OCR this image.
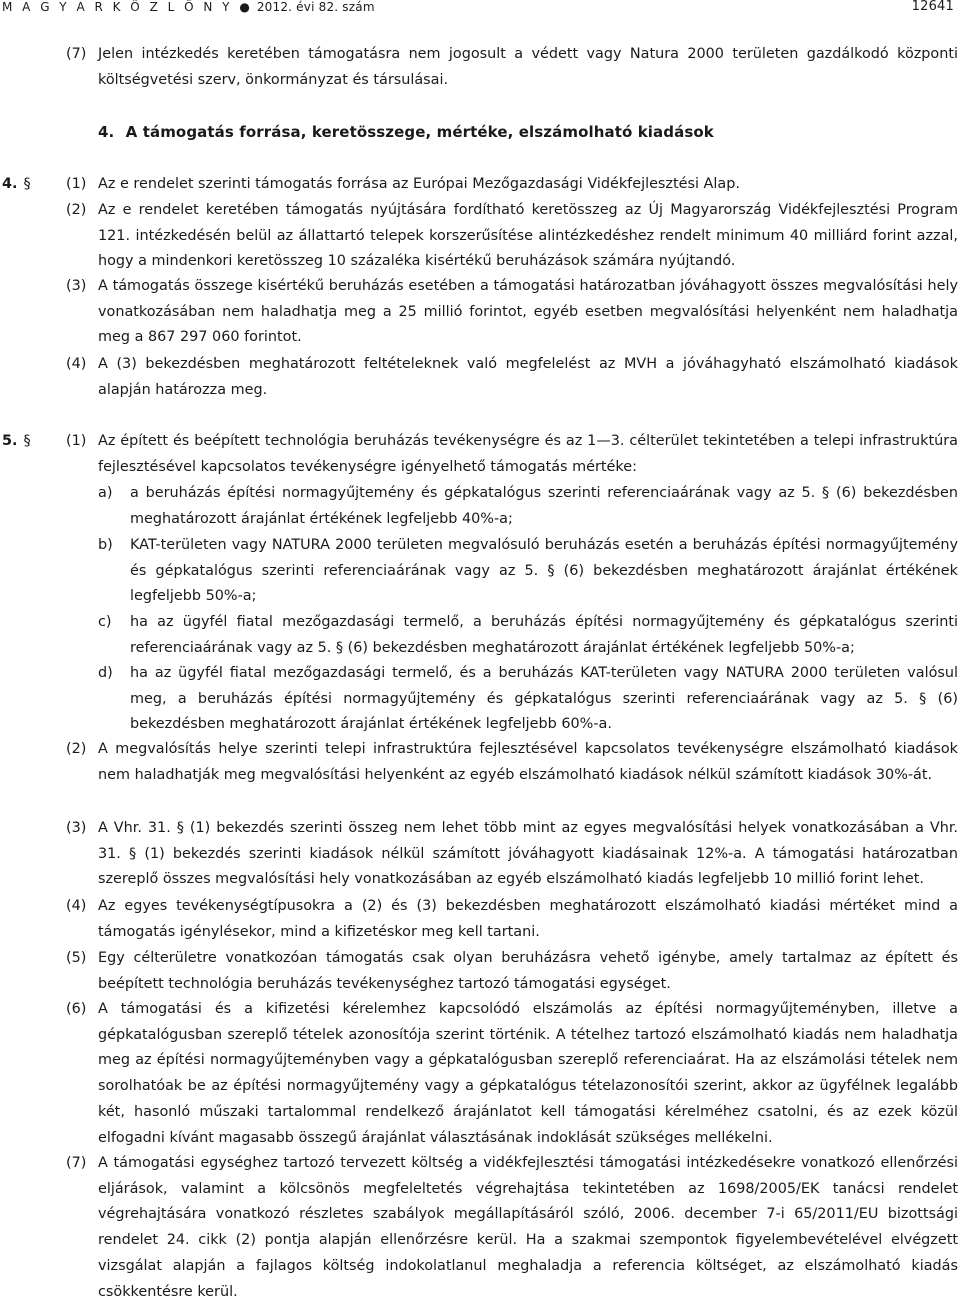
M A G Y A R K Ö Z L Ö N Y ● 2012. évi 82. szám	12641
(7) Jelen intézkedés keretében támogatásra nem jogosult a védett vagy Natura 2000 területen gazdálkodó központi költségvetési szerv, önkormányzat és társulásai.
4. A támogatás forrása, keretösszege, mértéke, elszámolható kiadások
4. § (1) Az e rendelet szerinti támogatás forrása az Európai Mezőgazdasági Vidékfejlesztési Alap.
(2) Az e rendelet keretében támogatás nyújtására fordítható keretösszeg az Új Magyarország Vidékfejlesztési Program 121. intézkedésén belül az állattartó telepek korszerűsítése alintézkedéshez rendelt minimum 40 milliárd forint azzal, hogy a mindenkori keretösszeg 10 százaléka kisértékű beruházások számára nyújtandó.
(3) A támogatás összege kisértékű beruházás esetében a támogatási határozatban jóváhagyott összes megvalósítási hely vonatkozásában nem haladhatja meg a 25 millió forintot, egyéb esetben megvalósítási helyenként nem haladhatja meg a 867 297 060 forintot.
(4) A (3) bekezdésben meghatározott feltételeknek való megfelelést az MVH a jóváhagyható elszámolható kiadások alapján határozza meg.
5. § (1) Az épített és beépített technológia beruházás tevékenységre és az 1—3. célterület tekintetében a telepi infrastruktúra fejlesztésével kapcsolatos tevékenységre igényelhető támogatás mértéke:
a) a beruházás építési normagyűjtemény és gépkatalógus szerinti referenciaárának vagy az 5. § (6) bekezdésben meghatározott árajánlat értékének legfeljebb 40%-a;
b) KAT-területen vagy NATURA 2000 területen megvalósuló beruházás esetén a beruházás építési normagyűjtemény és gépkatalógus szerinti referenciaárának vagy az 5. § (6) bekezdésben meghatározott árajánlat értékének legfeljebb 50%-a;
c) ha az ügyfél fiatal mezőgazdasági termelő, a beruházás építési normagyűjtemény és gépkatalógus szerinti referenciaárának vagy az 5. § (6) bekezdésben meghatározott árajánlat értékének legfeljebb 50%-a;
d) ha az ügyfél fiatal mezőgazdasági termelő, és a beruházás KAT-területen vagy NATURA 2000 területen valósul meg, a beruházás építési normagyűjtemény és gépkatalógus szerinti referenciaárának vagy az 5. § (6) bekezdésben meghatározott árajánlat értékének legfeljebb 60%-a.
(2) A megvalósítás helye szerinti telepi infrastruktúra fejlesztésével kapcsolatos tevékenységre elszámolható kiadások nem haladhatják meg megvalósítási helyenként az egyéb elszámolható kiadások nélkül számított kiadások 30%-át.
(3) A Vhr. 31. § (1) bekezdés szerinti összeg nem lehet több mint az egyes megvalósítási helyek vonatkozásában a Vhr. 31. § (1) bekezdés szerinti kiadások nélkül számított jóváhagyott kiadásainak 12%-a. A támogatási határozatban szereplő összes megvalósítási hely vonatkozásában az egyéb elszámolható kiadás legfeljebb 10 millió forint lehet.
(4) Az egyes tevékenységtípusokra a (2) és (3) bekezdésben meghatározott elszámolható kiadási mértéket mind a támogatás igénylésekor, mind a kifizetéskor meg kell tartani.
(5) Egy célterületre vonatkozóan támogatás csak olyan beruházásra vehető igénybe, amely tartalmaz az épített és beépített technológia beruházás tevékenységhez tartozó támogatási egységet.
(6) A támogatási és a kifizetési kérelemhez kapcsolódó elszámolás az építési normagyűjteményben, illetve a gépkatalógusban szereplő tételek azonosítója szerint történik. A tételhez tartozó elszámolható kiadás nem haladhatja meg az építési normagyűjteményben vagy a gépkatalógusban szereplő referenciaárat. Ha az elszámolási tételek nem sorolhatóak be az építési normagyűjtemény vagy a gépkatalógus tételazonosítói szerint, akkor az ügyfélnek legalább két, hasonló műszaki tartalommal rendelkező árajánlatot kell támogatási kérelméhez csatolni, és az ezek közül elfogadni kívánt magasabb összegű árajánlat választásának indoklását szükséges mellékelni.
(7) A támogatási egységhez tartozó tervezett költség a vidékfejlesztési támogatási intézkedésekre vonatkozó ellenőrzési eljárások, valamint a kölcsönös megfeleltetés végrehajtása tekintetében az 1698/2005/EK tanácsi rendelet végrehajtására vonatkozó részletes szabályok megállapításáról szóló, 2006. december 7-i 65/2011/EU bizottsági rendelet 24. cikk (2) pontja alapján ellenőrzésre kerül. Ha a szakmai szempontok figyelembevételével elvégzett vizsgálat alapján a fajlagos költség indokolatlanul meghaladja a referencia költséget, az elszámolható kiadás csökkentésre kerül.
